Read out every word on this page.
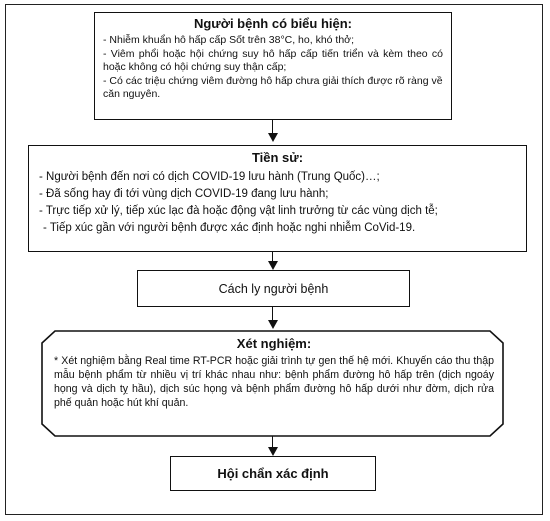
Người bệnh có biểu hiện:

- Nhiễm khuẩn hô hấp cấp Sốt trên 38°C, ho, khó thở;

- Viêm phổi hoặc hội chứng suy hô hấp cấp tiến triển và kèm theo có hoặc không có hội chứng suy thận cấp;

- Có các triệu chứng viêm đường hô hấp chưa giải thích được rõ ràng về căn nguyên.

Tiền sử:

- Người bệnh đến nơi có dịch COVID-19 lưu hành (Trung Quốc)…;

- Đã sống hay đi tới vùng dịch COVID-19 đang lưu hành;

- Trực tiếp xử lý, tiếp xúc lạc đà hoặc động vật linh trưởng từ các vùng dịch tễ;

- Tiếp xúc gần với người bệnh được xác định hoặc nghi nhiễm CoVid-19.

Cách ly người bệnh

Xét nghiệm:

* Xét nghiệm bằng Real time RT-PCR hoặc giải trình tự gen thế hệ mới. Khuyến cáo thu thập mẫu bệnh phẩm từ nhiều vị trí khác nhau như: bệnh phẩm đường hô hấp trên (dịch ngoáy họng và dịch tỵ hầu), dịch súc họng và bệnh phẩm đường hô hấp dưới như đờm, dịch rửa phế quản hoặc hút khí quản.

Hội chẩn xác định
